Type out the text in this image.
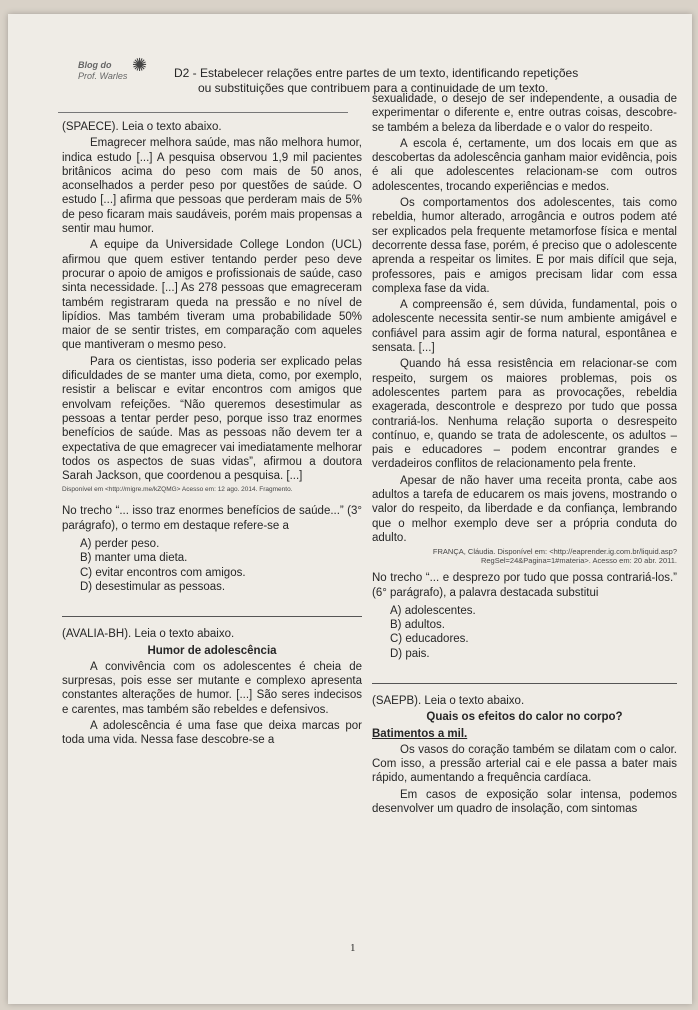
Blog do	✺
Prof. Warles	D2 - Estabelecer relações entre partes de um texto, identificando repetições

ou substituições que contribuem para a continuidade de um texto.

(SPAECE). Leia o texto abaixo.

Emagrecer melhora saúde, mas não melhora humor, indica estudo [...] A pesquisa observou 1,9 mil pacientes britânicos acima do peso com mais de 50 anos, aconselhados a perder peso por questões de saúde. O estudo [...] afirma que pessoas que perderam mais de 5% de peso ficaram mais saudáveis, porém mais propensas a sentir mau humor.

A equipe da Universidade College London (UCL) afirmou que quem estiver tentando perder peso deve procurar o apoio de amigos e profissionais de saúde, caso sinta necessidade. [...] As 278 pessoas que emagreceram também registraram queda na pressão e no nível de lipídios. Mas também tiveram uma probabilidade 50% maior de se sentir tristes, em comparação com aqueles que mantiveram o mesmo peso.

Para os cientistas, isso poderia ser explicado pelas dificuldades de se manter uma dieta, como, por exemplo, resistir a beliscar e evitar encontros com amigos que envolvam refeições. “Não queremos desestimular as pessoas a tentar perder peso, porque isso traz enormes benefícios de saúde. Mas as pessoas não devem ter a expectativa de que emagrecer vai imediatamente melhorar todos os aspectos de suas vidas”, afirmou a doutora Sarah Jackson, que coordenou a pesquisa. [...]

Disponível em <http://migre.me/kZQMG> Acesso em: 12 ago. 2014. Fragmento.

No trecho “... isso traz enormes benefícios de saúde...” (3° parágrafo), o termo em destaque refere-se a

A) perder peso.
B) manter uma dieta.
C) evitar encontros com amigos.
D) desestimular as pessoas.

(AVALIA-BH). Leia o texto abaixo.

Humor de adolescência

A convivência com os adolescentes é cheia de surpresas, pois esse ser mutante e complexo apresenta constantes alterações de humor. [...] São seres indecisos e carentes, mas também são rebeldes e defensivos.

A adolescência é uma fase que deixa marcas por toda uma vida. Nessa fase descobre-se a

sexualidade, o desejo de ser independente, a ousadia de experimentar o diferente e, entre outras coisas, descobre-se também a beleza da liberdade e o valor do respeito.

A escola é, certamente, um dos locais em que as descobertas da adolescência ganham maior evidência, pois é ali que adolescentes relacionam-se com outros adolescentes, trocando experiências e medos.

Os comportamentos dos adolescentes, tais como rebeldia, humor alterado, arrogância e outros podem até ser explicados pela frequente metamorfose física e mental decorrente dessa fase, porém, é preciso que o adolescente aprenda a respeitar os limites. E por mais difícil que seja, professores, pais e amigos precisam lidar com essa complexa fase da vida.

A compreensão é, sem dúvida, fundamental, pois o adolescente necessita sentir-se num ambiente amigável e confiável para assim agir de forma natural, espontânea e sensata. [...]

Quando há essa resistência em relacionar-se com respeito, surgem os maiores problemas, pois os adolescentes partem para as provocações, rebeldia exagerada, descontrole e desprezo por tudo que possa contrariá-los. Nenhuma relação suporta o desrespeito contínuo, e, quando se trata de adolescente, os adultos – pais e educadores – podem encontrar grandes e verdadeiros conflitos de relacionamento pela frente.

Apesar de não haver uma receita pronta, cabe aos adultos a tarefa de educarem os mais jovens, mostrando o valor do respeito, da liberdade e da confiança, lembrando que o melhor exemplo deve ser a própria conduta do adulto.

FRANÇA, Cláudia. Disponível em: <http://eaprender.ig.com.br/liquid.asp?RegSel=24&Pagina=1#materia>. Acesso em: 20 abr. 2011.

No trecho “... e desprezo por tudo que possa contrariá-los.” (6° parágrafo), a palavra destacada substitui

A) adolescentes.
B) adultos.
C) educadores.
D) pais.

(SAEPB). Leia o texto abaixo.

Quais os efeitos do calor no corpo?

Batimentos a mil.

Os vasos do coração também se dilatam com o calor. Com isso, a pressão arterial cai e ele passa a bater mais rápido, aumentando a frequência cardíaca.

Em casos de exposição solar intensa, podemos desenvolver um quadro de insolação, com sintomas

1
